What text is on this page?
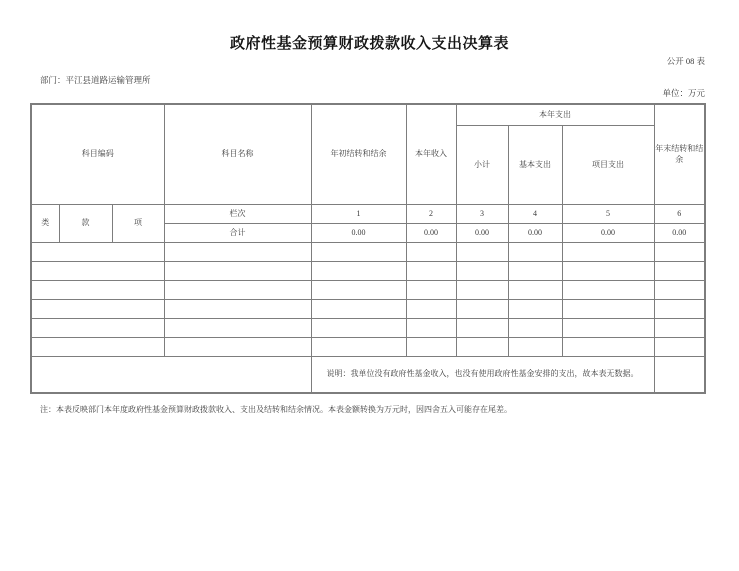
政府性基金预算财政拨款收入支出决算表
公开 08 表
部门：平江县道路运输管理所
单位：万元
科目编码			科目名称	年初结转和结余	本年收入	本年支出			年末结转和结余
						小计	基本支出	项目支出	
类	款	项	栏次	1	2	3	4	5	6
			合计	0.00	0.00	0.00	0.00	0.00	0.00

				说明：我单位没有政府性基金收入，也没有使用政府性基金安排的支出，故本表无数据。					
注：本表反映部门本年度政府性基金预算财政拨款收入、支出及结转和结余情况。本表金额转换为万元时，因四舍五入可能存在尾差。
